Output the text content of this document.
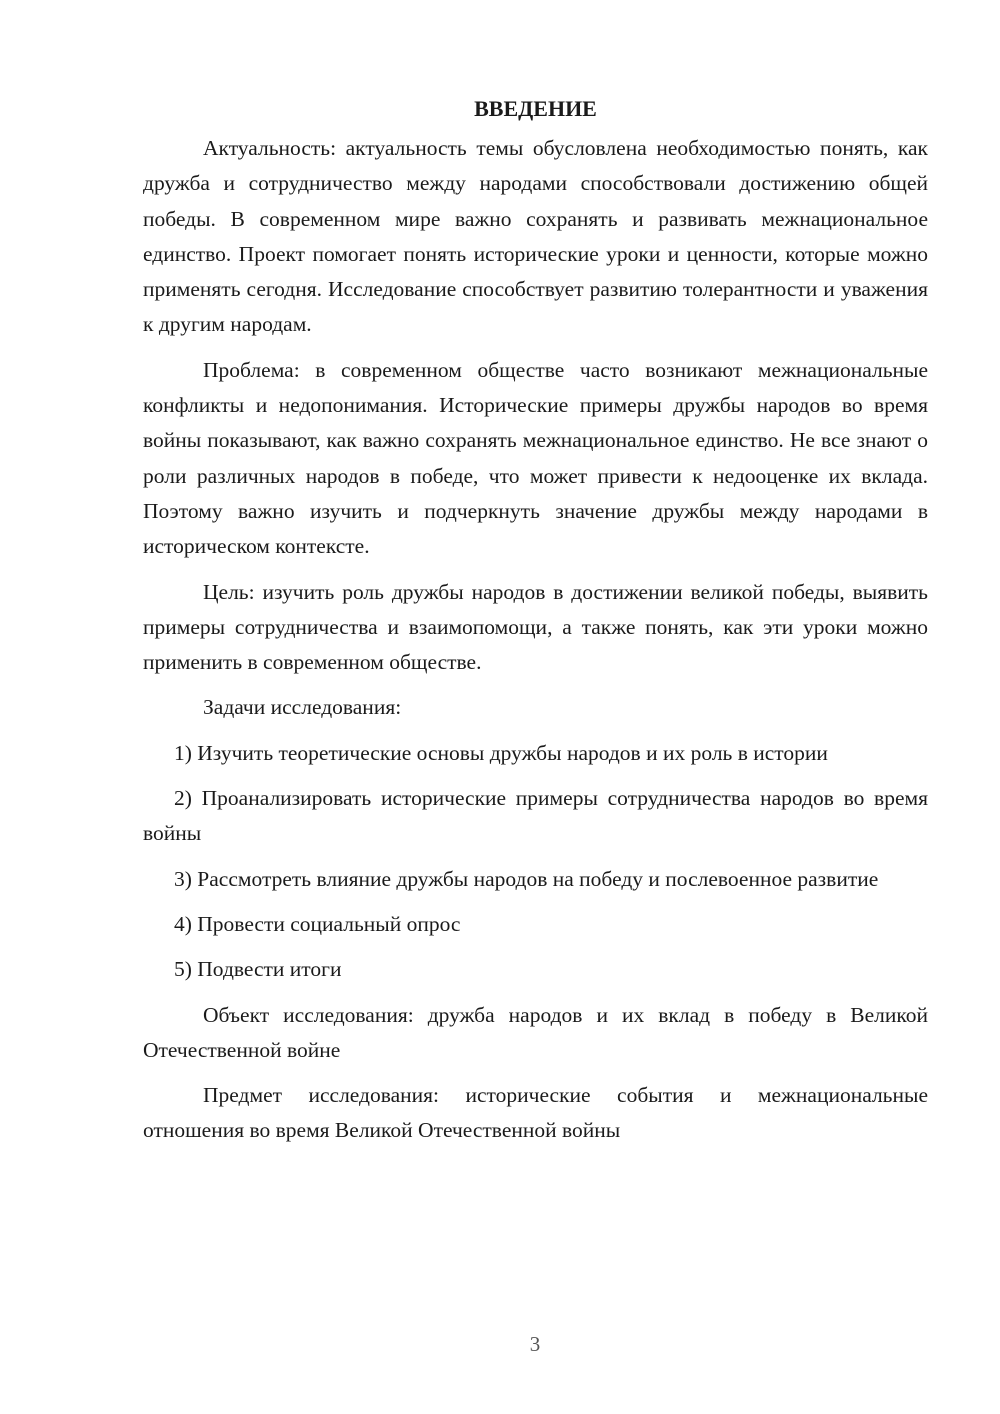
ВВЕДЕНИЕ

Актуальность: актуальность темы обусловлена необходимостью понять, как дружба и сотрудничество между народами способствовали достижению общей победы. В современном мире важно сохранять и развивать межнациональное единство. Проект помогает понять исторические уроки и ценности, которые можно применять сегодня. Исследование способствует развитию толерантности и уважения к другим народам.

Проблема: в современном обществе часто возникают межнациональные конфликты и недопонимания. Исторические примеры дружбы народов во время войны показывают, как важно сохранять межнациональное единство. Не все знают о роли различных народов в победе, что может привести к недооценке их вклада. Поэтому важно изучить и подчеркнуть значение дружбы между народами в историческом контексте.

Цель: изучить роль дружбы народов в достижении великой победы, выявить примеры сотрудничества и взаимопомощи, а также понять, как эти уроки можно применить в современном обществе.

Задачи исследования:

1) Изучить теоретические основы дружбы народов и их роль в истории

2) Проанализировать исторические примеры сотрудничества народов во время войны

3) Рассмотреть влияние дружбы народов на победу и послевоенное развитие

4) Провести социальный опрос

5) Подвести итоги

Объект исследования: дружба народов и их вклад в победу в Великой Отечественной войне

Предмет исследования: исторические события и межнациональные отношения во время Великой Отечественной войны

3
